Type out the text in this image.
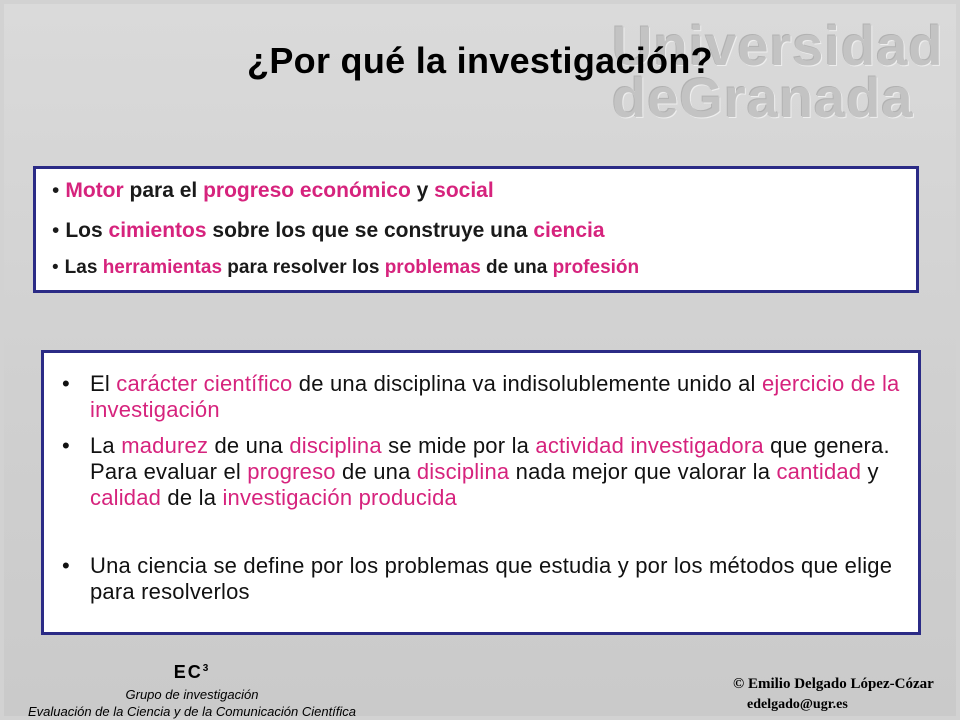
Universidad
deGranada
¿Por qué la investigación?
• Motor para el progreso económico y social
• Los cimientos sobre los que se construye una ciencia
• Las herramientas para resolver los problemas de una profesión
• El carácter científico de una disciplina va indisolublemente unido al ejercicio de la investigación
• La madurez de una disciplina se mide por la actividad investigadora que genera. Para evaluar el progreso de una disciplina nada mejor que valorar la cantidad y calidad de la investigación producida
• Una ciencia se define por los problemas que estudia y por los métodos que elige para resolverlos
$EC^3$
Grupo de investigación
Evaluación de la Ciencia y de la Comunicación Científica
© Emilio Delgado López-Cózar
edelgado@ugr.es
